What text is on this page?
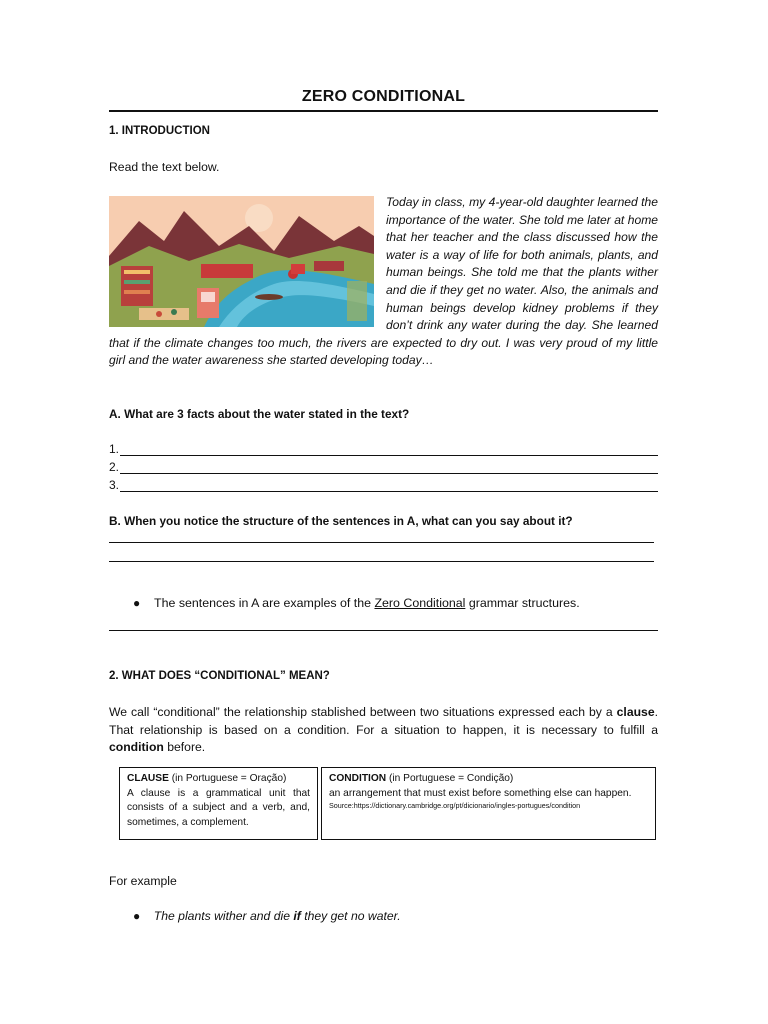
ZERO CONDITIONAL
1. INTRODUCTION
Read the text below.

Today in class, my 4-year-old daughter learned the importance of the water. She told me later at home that her teacher and the class discussed how the water is a way of life for both animals, plants, and human beings. She told me that the plants wither and die if they get no water. Also, the animals and human beings develop kidney problems if they don’t drink any water during the day. She learned that if the climate changes too much, the rivers are expected to dry out. I was very proud of my little girl and the water awareness she started developing today…

A. What are 3 facts about the water stated in the text?
1.
2.
3.
B. When you notice the structure of the sentences in A, what can you say about it?
● The sentences in A are examples of the Zero Conditional grammar structures.
2. WHAT DOES “CONDITIONAL” MEAN?
We call “conditional” the relationship stablished between two situations expressed each by a clause. That relationship is based on a condition. For a situation to happen, it is necessary to fulfill a condition before.

CLAUSE (in Portuguese = Oração)

A clause is a grammatical unit that consists of a subject and a verb, and, sometimes, a complement.

CONDITION (in Portuguese = Condição)

an arrangement that must exist before something else can happen.

Source:https://dictionary.cambridge.org/pt/dicionario/ingles-portugues/condition

For example
● The plants wither and die if they get no water.
